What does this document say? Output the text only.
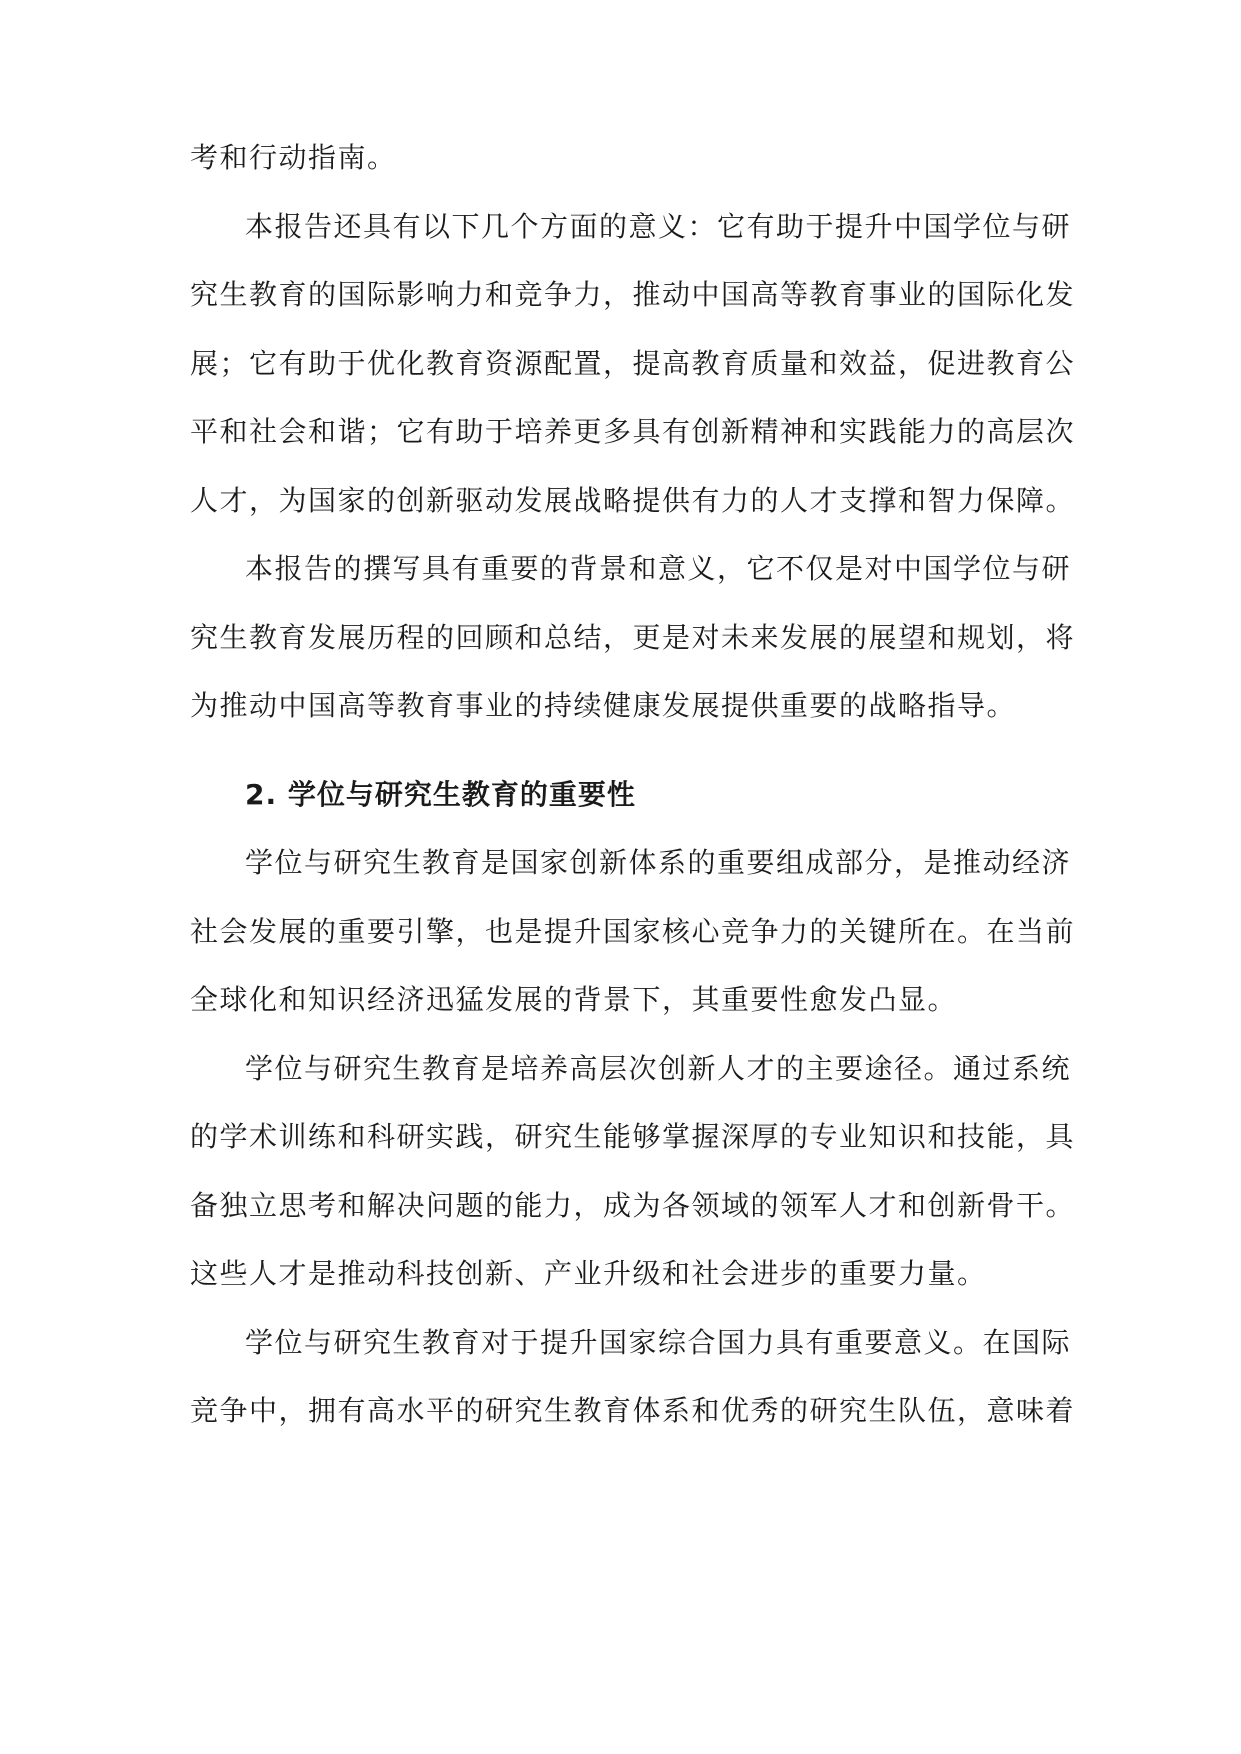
考和行动指南。
本报告还具有以下几个方面的意义：它有助于提升中国学位与研
究生教育的国际影响力和竞争力，推动中国高等教育事业的国际化发
展；它有助于优化教育资源配置，提高教育质量和效益，促进教育公
平和社会和谐；它有助于培养更多具有创新精神和实践能力的高层次
人才，为国家的创新驱动发展战略提供有力的人才支撑和智力保障。
本报告的撰写具有重要的背景和意义，它不仅是对中国学位与研
究生教育发展历程的回顾和总结，更是对未来发展的展望和规划，将
为推动中国高等教育事业的持续健康发展提供重要的战略指导。
2. 学位与研究生教育的重要性
学位与研究生教育是国家创新体系的重要组成部分，是推动经济
社会发展的重要引擎，也是提升国家核心竞争力的关键所在。在当前
全球化和知识经济迅猛发展的背景下，其重要性愈发凸显。
学位与研究生教育是培养高层次创新人才的主要途径。通过系统
的学术训练和科研实践，研究生能够掌握深厚的专业知识和技能，具
备独立思考和解决问题的能力，成为各领域的领军人才和创新骨干。
这些人才是推动科技创新、产业升级和社会进步的重要力量。
学位与研究生教育对于提升国家综合国力具有重要意义。在国际
竞争中，拥有高水平的研究生教育体系和优秀的研究生队伍，意味着
